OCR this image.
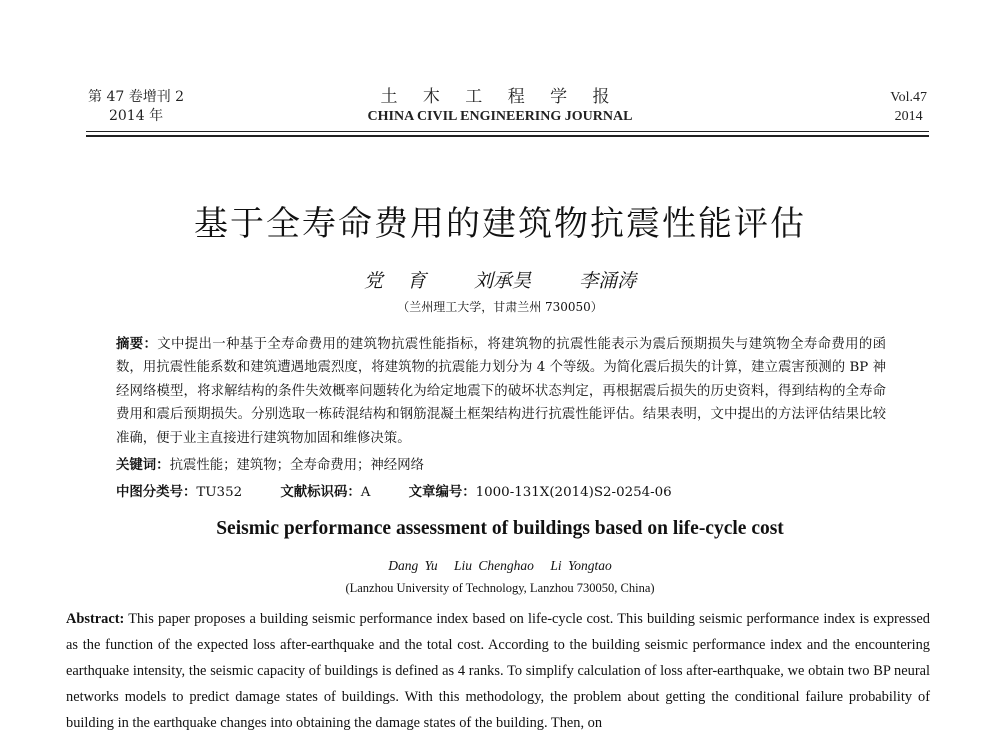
第 47 卷增刊 2
2014 年
土 木 工 程 学 报
CHINA CIVIL ENGINEERING JOURNAL
Vol.47
2014
基于全寿命费用的建筑物抗震性能评估
党 育	刘承昊	李涌涛
（兰州理工大学，甘肃兰州 730050）
摘要：文中提出一种基于全寿命费用的建筑物抗震性能指标，将建筑物的抗震性能表示为震后预期损失与建筑物全寿命费用的函数，用抗震性能系数和建筑遭遇地震烈度，将建筑物的抗震能力划分为 4 个等级。为简化震后损失的计算，建立震害预测的 BP 神经网络模型，将求解结构的条件失效概率问题转化为给定地震下的破坏状态判定，再根据震后损失的历史资料，得到结构的全寿命费用和震后预期损失。分别选取一栋砖混结构和钢筋混凝土框架结构进行抗震性能评估。结果表明，文中提出的方法评估结果比较准确，便于业主直接进行建筑物加固和维修决策。
关键词：抗震性能；建筑物；全寿命费用；神经网络
中图分类号：TU352	文献标识码：A	文章编号：1000-131X(2014)S2-0254-06
Seismic performance assessment of buildings based on life-cycle cost
Dang Yu Liu Chenghao Li Yongtao
(Lanzhou University of Technology, Lanzhou 730050, China)
Abstract: This paper proposes a building seismic performance index based on life-cycle cost. This building seismic performance index is expressed as the function of the expected loss after-earthquake and the total cost. According to the building seismic performance index and the encountering earthquake intensity, the seismic capacity of buildings is defined as 4 ranks. To simplify calculation of loss after-earthquake, we obtain two BP neural networks models to predict damage states of buildings. With this methodology, the problem about getting the conditional failure probability of building in the earthquake changes into obtaining the damage states of the building. Then, on
